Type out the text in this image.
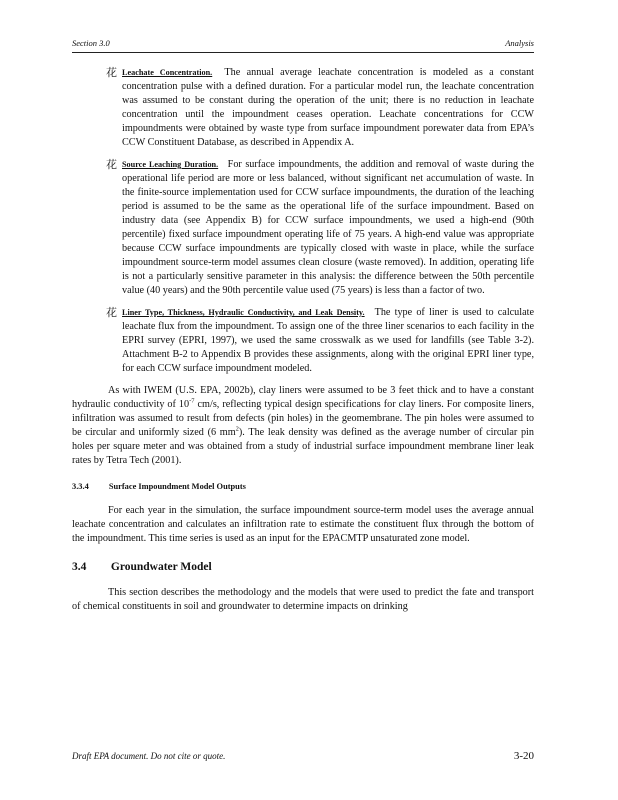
Section 3.0	Analysis
花 Leachate Concentration. The annual average leachate concentration is modeled as a constant concentration pulse with a defined duration. For a particular model run, the leachate concentration was assumed to be constant during the operation of the unit; there is no reduction in leachate concentration until the impoundment ceases operation. Leachate concentrations for CCW impoundments were obtained by waste type from surface impoundment porewater data from EPA’s CCW Constituent Database, as described in Appendix A.
花 Source Leaching Duration. For surface impoundments, the addition and removal of waste during the operational life period are more or less balanced, without significant net accumulation of waste. In the finite-source implementation used for CCW surface impoundments, the duration of the leaching period is assumed to be the same as the operational life of the surface impoundment. Based on industry data (see Appendix B) for CCW surface impoundments, we used a high-end (90th percentile) fixed surface impoundment operating life of 75 years. A high-end value was appropriate because CCW surface impoundments are typically closed with waste in place, while the surface impoundment source-term model assumes clean closure (waste removed). In addition, operating life is not a particularly sensitive parameter in this analysis: the difference between the 50th percentile value (40 years) and the 90th percentile value used (75 years) is less than a factor of two.
花 Liner Type, Thickness, Hydraulic Conductivity, and Leak Density. The type of liner is used to calculate leachate flux from the impoundment. To assign one of the three liner scenarios to each facility in the EPRI survey (EPRI, 1997), we used the same crosswalk as we used for landfills (see Table 3-2). Attachment B-2 to Appendix B provides these assignments, along with the original EPRI liner type, for each CCW surface impoundment modeled.

As with IWEM (U.S. EPA, 2002b), clay liners were assumed to be 3 feet thick and to have a constant hydraulic conductivity of $10^{-7}$ cm/s, reflecting typical design specifications for clay liners. For composite liners, infiltration was assumed to result from defects (pin holes) in the geomembrane. The pin holes were assumed to be circular and uniformly sized (6 $mm^2$). The leak density was defined as the average number of circular pin holes per square meter and was obtained from a study of industrial surface impoundment membrane liner leak rates by Tetra Tech (2001).

3.3.4 Surface Impoundment Model Outputs

For each year in the simulation, the surface impoundment source-term model uses the average annual leachate concentration and calculates an infiltration rate to estimate the constituent flux through the bottom of the impoundment. This time series is used as an input for the EPACMTP unsaturated zone model.

3.4 Groundwater Model

This section describes the methodology and the models that were used to predict the fate and transport of chemical constituents in soil and groundwater to determine impacts on drinking

Draft EPA document. Do not cite or quote.	3-20
